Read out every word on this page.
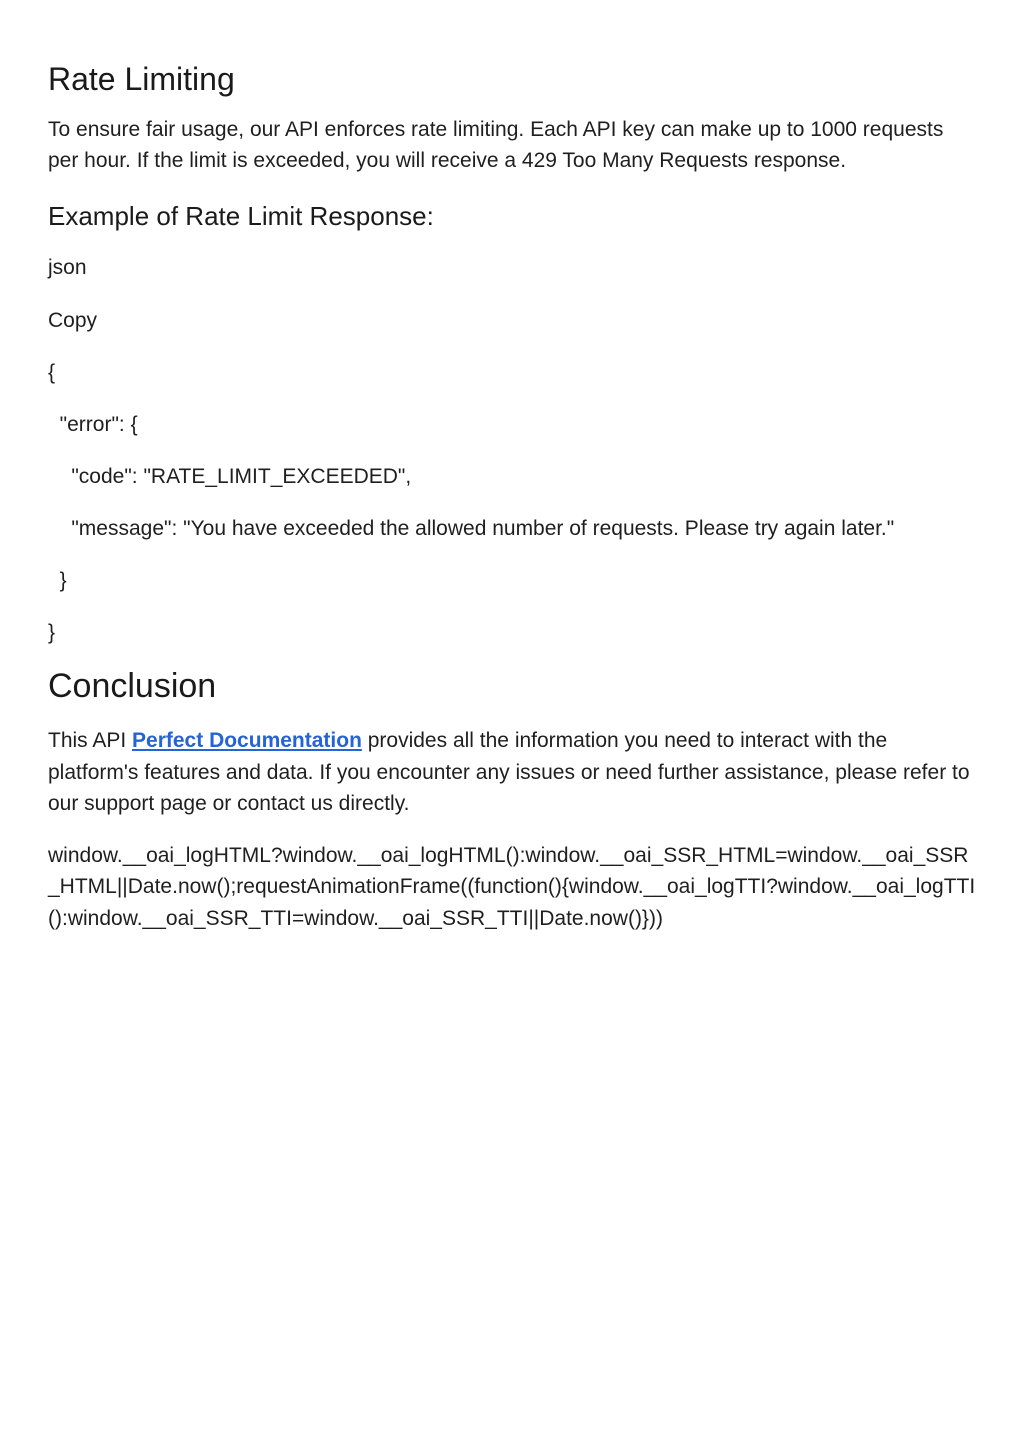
Rate Limiting

To ensure fair usage, our API enforces rate limiting. Each API key can make up to 1000 requests per hour. If the limit is exceeded, you will receive a 429 Too Many Requests response.

Example of Rate Limit Response:

json

Copy

{

"error": {

"code": "RATE_LIMIT_EXCEEDED",

"message": "You have exceeded the allowed number of requests. Please try again later."

}

}

Conclusion

This API Perfect Documentation provides all the information you need to interact with the platform's features and data. If you encounter any issues or need further assistance, please refer to our support page or contact us directly.

window.__oai_logHTML?window.__oai_logHTML():window.__oai_SSR_HTML=window.__oai_SSR_HTML||Date.now();requestAnimationFrame((function(){window.__oai_logTTI?window.__oai_logTTI():window.__oai_SSR_TTI=window.__oai_SSR_TTI||Date.now()}))
